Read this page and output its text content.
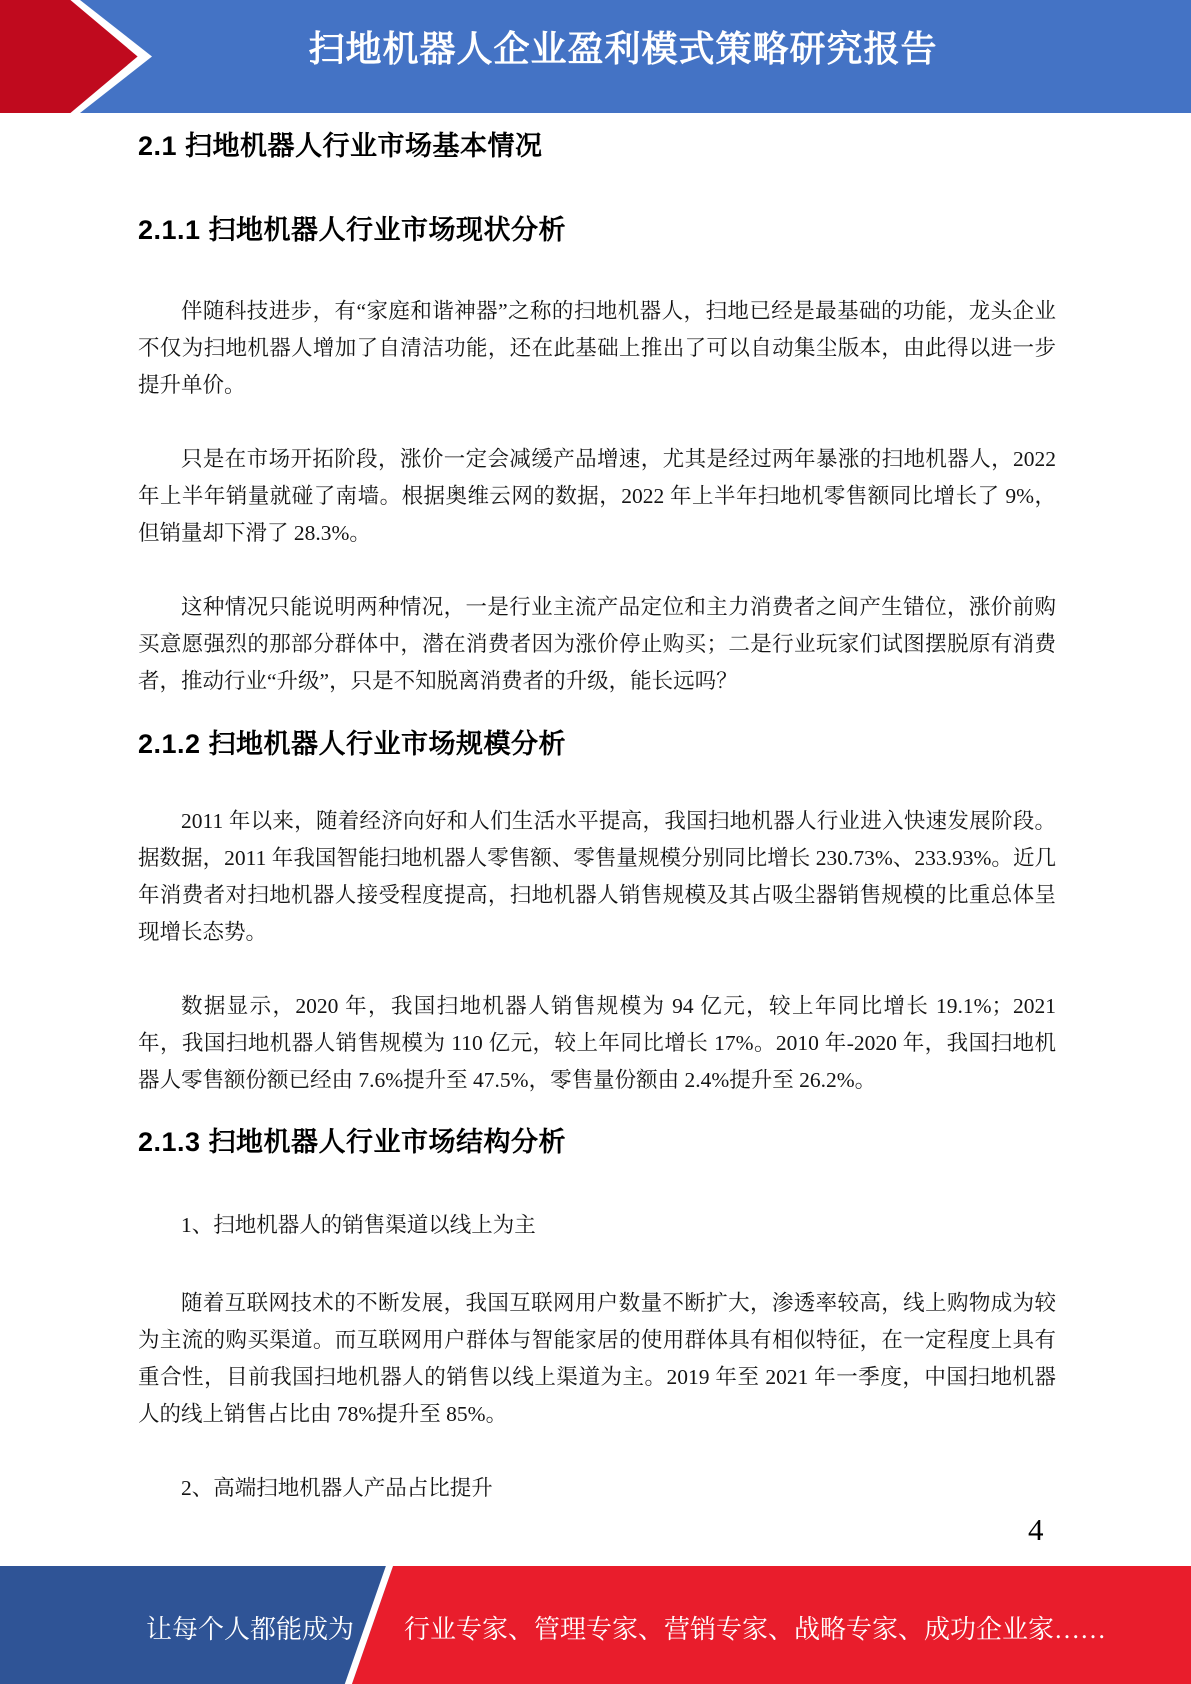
扫地机器人企业盈利模式策略研究报告
2.1 扫地机器人行业市场基本情况
2.1.1 扫地机器人行业市场现状分析

伴随科技进步，有“家庭和谐神器”之称的扫地机器人，扫地已经是最基础的功能，龙头企业不仅为扫地机器人增加了自清洁功能，还在此基础上推出了可以自动集尘版本，由此得以进一步提升单价。

只是在市场开拓阶段，涨价一定会减缓产品增速，尤其是经过两年暴涨的扫地机器人，2022 年上半年销量就碰了南墙。根据奥维云网的数据，2022 年上半年扫地机零售额同比增长了 9%，但销量却下滑了 28.3%。

这种情况只能说明两种情况，一是行业主流产品定位和主力消费者之间产生错位，涨价前购买意愿强烈的那部分群体中，潜在消费者因为涨价停止购买；二是行业玩家们试图摆脱原有消费者，推动行业“升级”，只是不知脱离消费者的升级，能长远吗？

2.1.2 扫地机器人行业市场规模分析

2011 年以来，随着经济向好和人们生活水平提高，我国扫地机器人行业进入快速发展阶段。据数据，2011 年我国智能扫地机器人零售额、零售量规模分别同比增长 230.73%、233.93%。近几年消费者对扫地机器人接受程度提高，扫地机器人销售规模及其占吸尘器销售规模的比重总体呈现增长态势。

数据显示，2020 年，我国扫地机器人销售规模为 94 亿元，较上年同比增长 19.1%；2021 年，我国扫地机器人销售规模为 110 亿元，较上年同比增长 17%。2010 年-2020 年，我国扫地机器人零售额份额已经由 7.6%提升至 47.5%，零售量份额由 2.4%提升至 26.2%。

2.1.3 扫地机器人行业市场结构分析
1、扫地机器人的销售渠道以线上为主

随着互联网技术的不断发展，我国互联网用户数量不断扩大，渗透率较高，线上购物成为较为主流的购买渠道。而互联网用户群体与智能家居的使用群体具有相似特征，在一定程度上具有重合性，目前我国扫地机器人的销售以线上渠道为主。2019 年至 2021 年一季度，中国扫地机器人的线上销售占比由 78%提升至 85%。

2、高端扫地机器人产品占比提升
4
让每个人都能成为 行业专家、管理专家、营销专家、战略专家、成功企业家……
